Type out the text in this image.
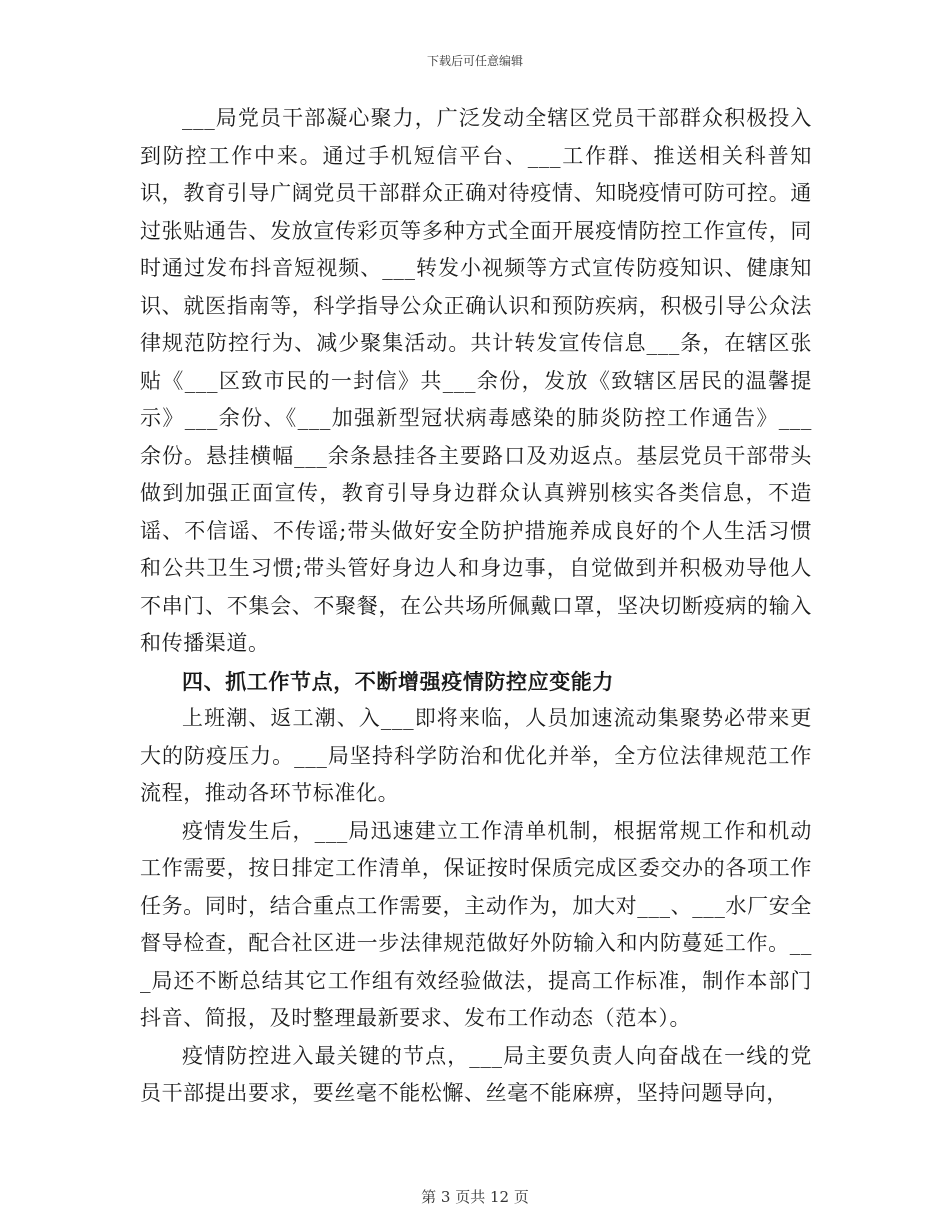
下载后可任意编辑

___局党员干部凝心聚力，广泛发动全辖区党员干部群众积极投入到防控工作中来。通过手机短信平台、___工作群、推送相关科普知识，教育引导广阔党员干部群众正确对待疫情、知晓疫情可防可控。通过张贴通告、发放宣传彩页等多种方式全面开展疫情防控工作宣传，同时通过发布抖音短视频、___转发小视频等方式宣传防疫知识、健康知识、就医指南等，科学指导公众正确认识和预防疾病，积极引导公众法律规范防控行为、减少聚集活动。共计转发宣传信息___条，在辖区张贴《___区致市民的一封信》共___余份，发放《致辖区居民的温馨提示》___余份、《___加强新型冠状病毒感染的肺炎防控工作通告》___余份。悬挂横幅___余条悬挂各主要路口及劝返点。基层党员干部带头做到加强正面宣传，教育引导身边群众认真辨别核实各类信息，不造谣、不信谣、不传谣;带头做好安全防护措施养成良好的个人生活习惯和公共卫生习惯;带头管好身边人和身边事，自觉做到并积极劝导他人不串门、不集会、不聚餐，在公共场所佩戴口罩，坚决切断疫病的输入和传播渠道。

四、抓工作节点，不断增强疫情防控应变能力

上班潮、返工潮、入___即将来临，人员加速流动集聚势必带来更大的防疫压力。___局坚持科学防治和优化并举，全方位法律规范工作流程，推动各环节标准化。

疫情发生后，___局迅速建立工作清单机制，根据常规工作和机动工作需要，按日排定工作清单，保证按时保质完成区委交办的各项工作任务。同时，结合重点工作需要，主动作为，加大对___、___水厂安全督导检查，配合社区进一步法律规范做好外防输入和内防蔓延工作。___局还不断总结其它工作组有效经验做法，提高工作标准，制作本部门抖音、简报，及时整理最新要求、发布工作动态（范本）。

疫情防控进入最关键的节点，___局主要负责人向奋战在一线的党员干部提出要求，要丝毫不能松懈、丝毫不能麻痹，坚持问题导向，

第 3 页共 12 页
